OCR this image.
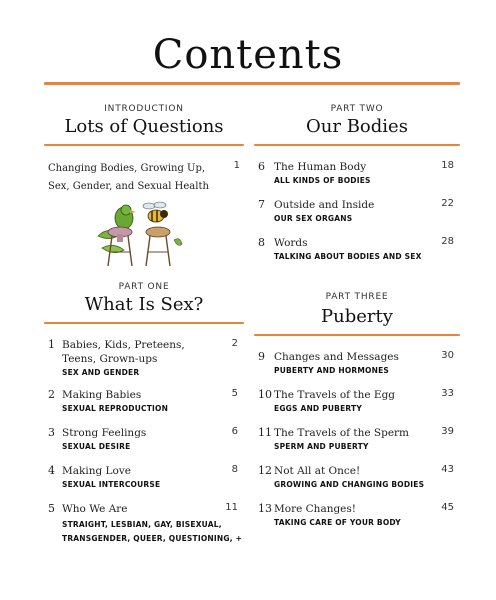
Contents
INTRODUCTION
Lots of Questions
Changing Bodies, Growing Up, Sex, Gender, and Sexual Health
1
PART ONE
What Is Sex?
1 Babies, Kids, Preteens, Teens, Grown-ups
SEX AND GENDER
2
2 Making Babies
SEXUAL REPRODUCTION
5
3 Strong Feelings
SEXUAL DESIRE
6
4 Making Love
SEXUAL INTERCOURSE
8
5 Who We Are
STRAIGHT, LESBIAN, GAY, BISEXUAL, TRANSGENDER, QUEER, QUESTIONING, +
11
PART TWO
Our Bodies
6 The Human Body
ALL KINDS OF BODIES
18
7 Outside and Inside
OUR SEX ORGANS
22
8 Words
TALKING ABOUT BODIES AND SEX
28
PART THREE
Puberty
9 Changes and Messages
PUBERTY AND HORMONES
30
10 The Travels of the Egg
EGGS AND PUBERTY
33
11 The Travels of the Sperm
SPERM AND PUBERTY
39
12 Not All at Once!
GROWING AND CHANGING BODIES
43
13 More Changes!
TAKING CARE OF YOUR BODY
45
